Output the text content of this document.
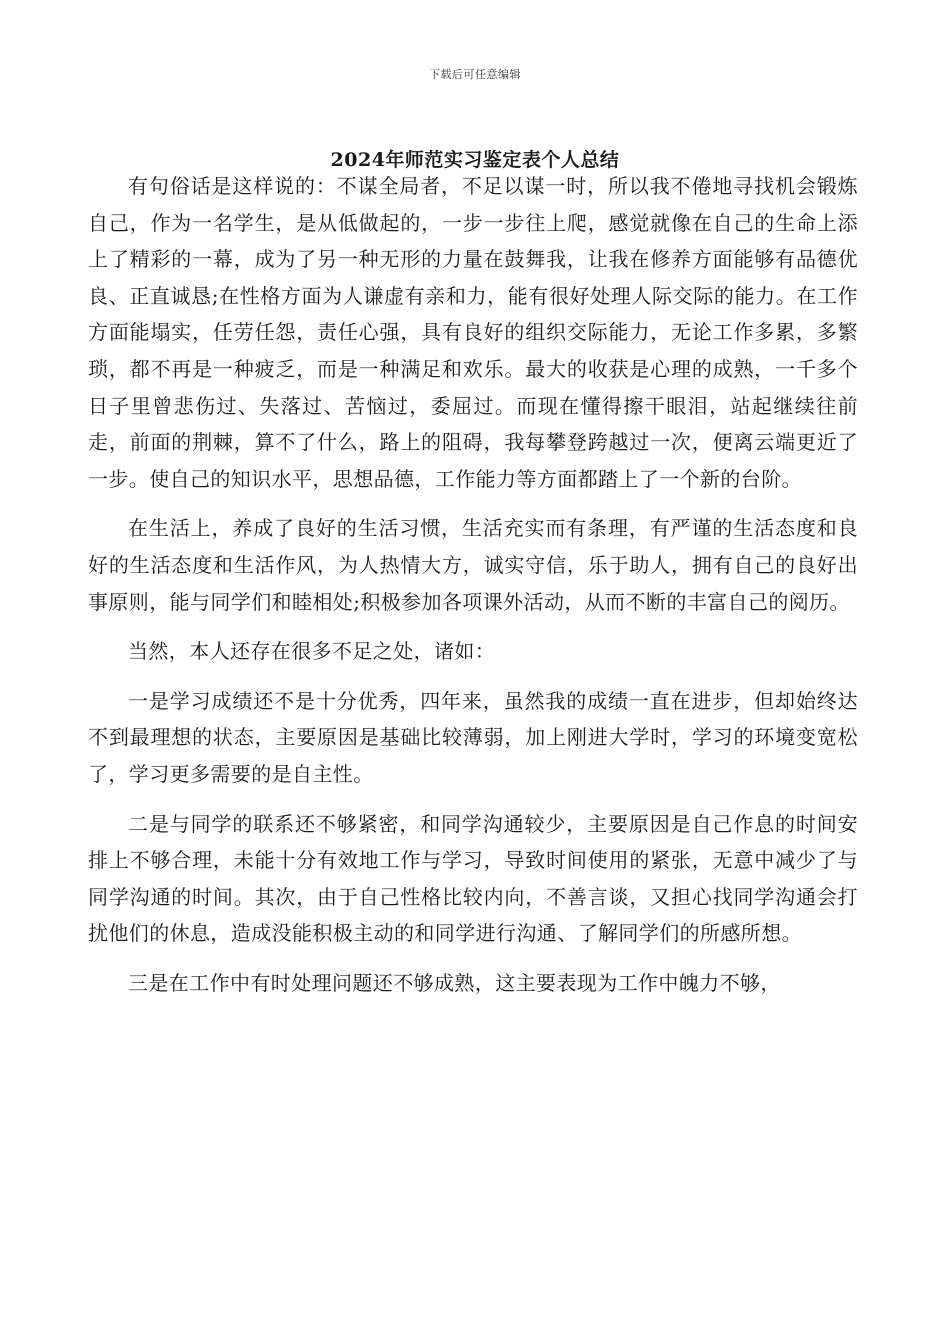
下载后可任意编辑
2024年师范实习鉴定表个人总结

有句俗话是这样说的：不谋全局者，不足以谋一时，所以我不倦地寻找机会锻炼自己，作为一名学生，是从低做起的，一步一步往上爬，感觉就像在自己的生命上添上了精彩的一幕，成为了另一种无形的力量在鼓舞我，让我在修养方面能够有品德优良、正直诚恳;在性格方面为人谦虚有亲和力，能有很好处理人际交际的能力。在工作方面能塌实，任劳任怨，责任心强，具有良好的组织交际能力，无论工作多累，多繁琐，都不再是一种疲乏，而是一种满足和欢乐。最大的收获是心理的成熟，一千多个日子里曾悲伤过、失落过、苦恼过，委屈过。而现在懂得擦干眼泪，站起继续往前走，前面的荆棘，算不了什么，路上的阻碍，我每攀登跨越过一次，便离云端更近了一步。使自己的知识水平，思想品德，工作能力等方面都踏上了一个新的台阶。

在生活上，养成了良好的生活习惯，生活充实而有条理，有严谨的生活态度和良好的生活态度和生活作风，为人热情大方，诚实守信，乐于助人，拥有自己的良好出事原则，能与同学们和睦相处;积极参加各项课外活动，从而不断的丰富自己的阅历。

当然，本人还存在很多不足之处，诸如：

一是学习成绩还不是十分优秀，四年来，虽然我的成绩一直在进步，但却始终达不到最理想的状态，主要原因是基础比较薄弱，加上刚进大学时，学习的环境变宽松了，学习更多需要的是自主性。

二是与同学的联系还不够紧密，和同学沟通较少，主要原因是自己作息的时间安排上不够合理，未能十分有效地工作与学习，导致时间使用的紧张，无意中减少了与同学沟通的时间。其次，由于自己性格比较内向，不善言谈，又担心找同学沟通会打扰他们的休息，造成没能积极主动的和同学进行沟通、了解同学们的所感所想。

三是在工作中有时处理问题还不够成熟，这主要表现为工作中魄力不够，
